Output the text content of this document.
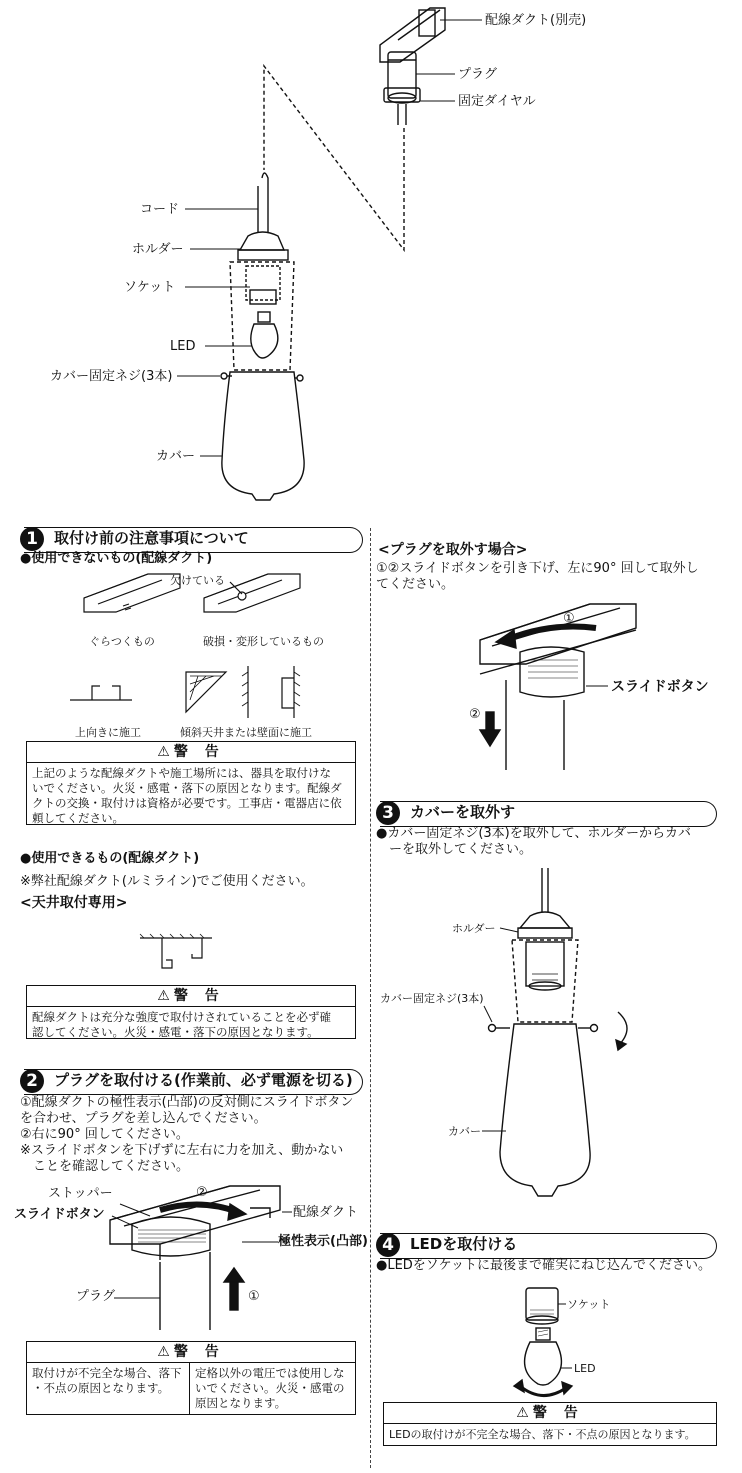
配線ダクト(別売)
プラグ
固定ダイヤル
コード
ホルダー
ソケット
LED
カバー固定ネジ(3本)
カバー
1	取付け前の注意事項について
●使用できないもの(配線ダクト)
欠けている
ぐらつくもの	破損・変形しているもの
上向きに施工	傾斜天井または壁面に施工
⚠ 警 告
上記のような配線ダクトや施工場所には、器具を取付けな
いでください。火災・感電・落下の原因となります。配線ダ
クトの交換・取付けは資格が必要です。工事店・電器店に依
頼してください。
●使用できるもの(配線ダクト)
※弊社配線ダクト(ルミライン)でご使用ください。
<天井取付専用>
⚠ 警 告
配線ダクトは充分な強度で取付けされていることを必ず確
認してください。火災・感電・落下の原因となります。
2	プラグを取付ける(作業前、必ず電源を切る)
①配線ダクトの極性表示(凸部)の反対側にスライドボタン
を合わせ、プラグを差し込んでください。
②右に90° 回してください。
※スライドボタンを下げずに左右に力を加え、動かない
　ことを確認してください。
ストッパー
スライドボタン
②
配線ダクト
極性表示(凸部)
プラグ	①
⚠ 警 告
取付けが不完全な場合、落下
・不点の原因となります。
定格以外の電圧では使用しな
いでください。火災・感電の
原因となります。
<プラグを取外す場合>
①②スライドボタンを引き下げ、左に90° 回して取外し
てください。
①
スライドボタン
②
3	カバーを取外す
●カバー固定ネジ(3本)を取外して、ホルダーからカバ
　ーを取外してください。
ホルダー
カバー固定ネジ(3本)
カバー
4	LEDを取付ける
●LEDをソケットに最後まで確実にねじ込んでください。
ソケット
LED
⚠ 警 告
LEDの取付けが不完全な場合、落下・不点の原因となります。
